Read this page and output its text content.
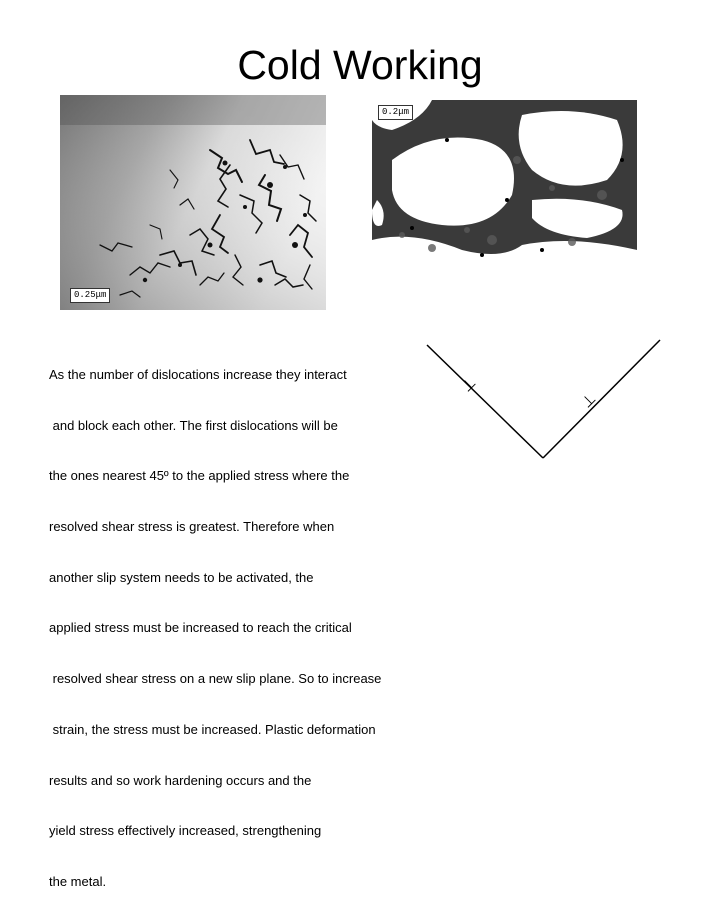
Cold Working
0.25μm
0.2μm

As the number of dislocations increase they interact

and block each other. The first dislocations will be

the ones nearest 45º to the applied stress where the

resolved shear stress is greatest. Therefore when

another slip system needs to be activated, the

applied stress must be increased to reach the critical

resolved shear stress on a new slip plane. So to increase

strain, the stress must be increased. Plastic deformation

results and so work hardening occurs and the

yield stress effectively increased, strengthening

the metal.

⊥
⊥
